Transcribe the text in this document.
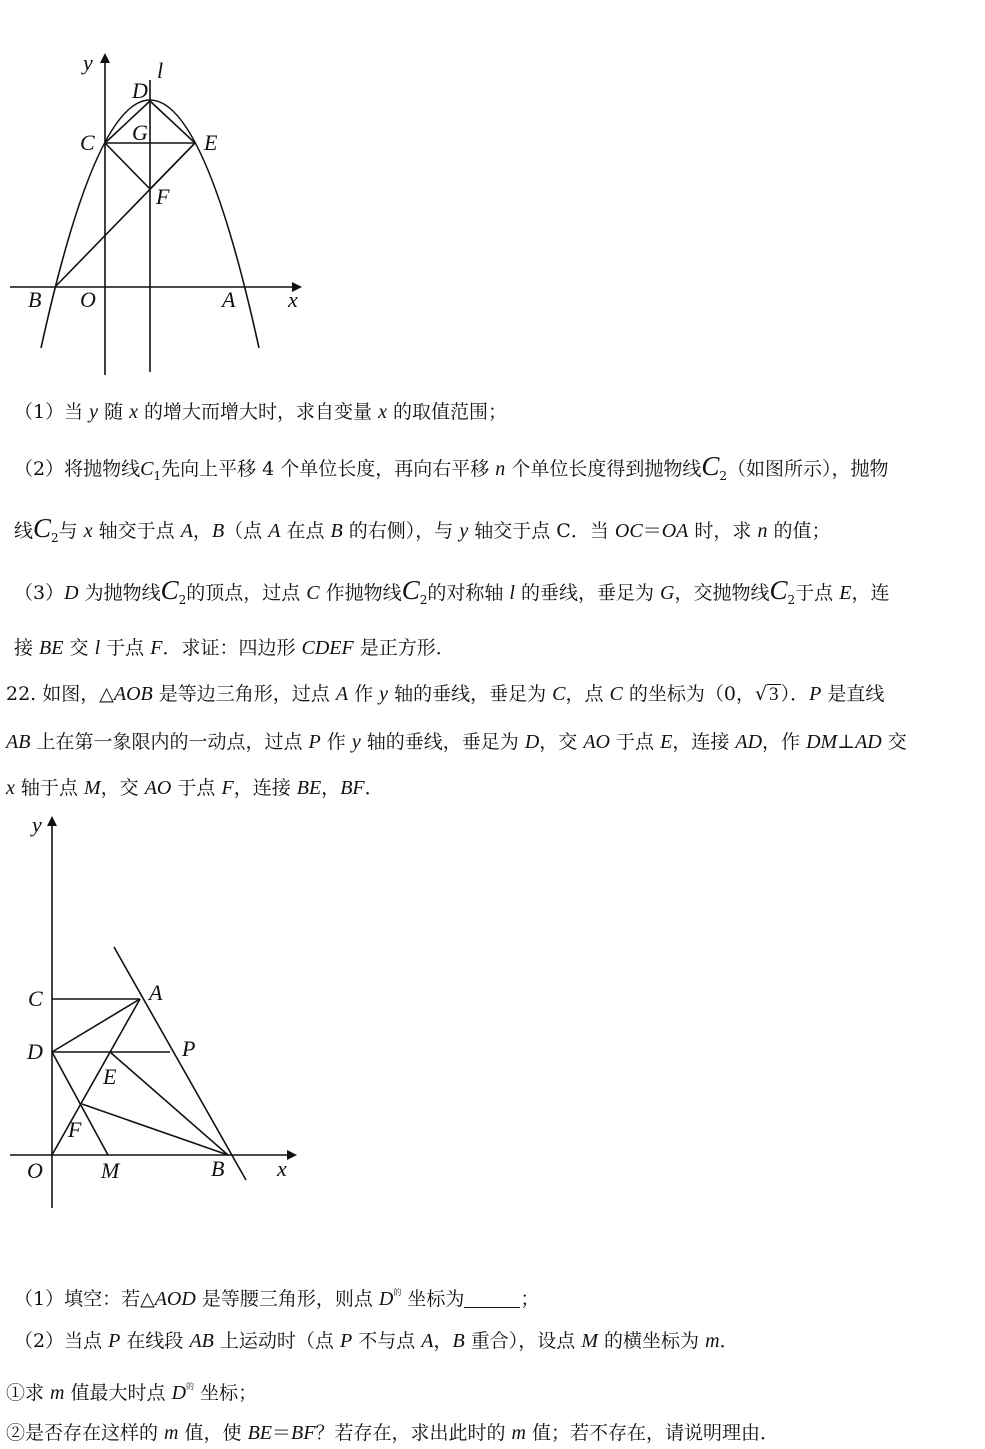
y	l
D
C G	E
F
B O	A x
（1）当 y 随 x 的增大而增大时，求自变量 x 的取值范围；
（2）将抛物线$C_1$先向上平移 4 个单位长度，再向右平移 n 个单位长度得到抛物线$C_2$（如图所示），抛物
线$C_2$与 x 轴交于点 A，B（点 A 在点 B 的右侧），与 y 轴交于点 C．当 OC＝OA 时，求 n 的值；
（3）D 为抛物线$C_2$的顶点，过点 C 作抛物线$C_2$的对称轴 l 的垂线，垂足为 G，交抛物线$C_2$于点 E，连
接 BE 交 l 于点 F．求证：四边形 CDEF 是正方形．
22. 如图，△AOB 是等边三角形，过点 A 作 y 轴的垂线，垂足为 C，点 C 的坐标为（0，√ 3 ）．P 是直线
AB 上在第一象限内的一动点，过点 P 作 y 轴的垂线，垂足为 D，交 AO 于点 E，连接 AD，作 DM⊥AD 交
x 轴于点 M，交 AO 于点 F，连接 BE，BF．
y
C	A
D	P
E
F
O	M	B x
（1）填空：若△AOD 是等腰三角形，则点 $D^的$ 坐标为	；
（2）当点 P 在线段 AB 上运动时（点 P 不与点 A，B 重合），设点 M 的横坐标为 m．
①求 m 值最大时点 $D^的$ 坐标；
②是否存在这样的 m 值，使 BE＝BF？若存在，求出此时的 m 值；若不存在，请说明理由．
